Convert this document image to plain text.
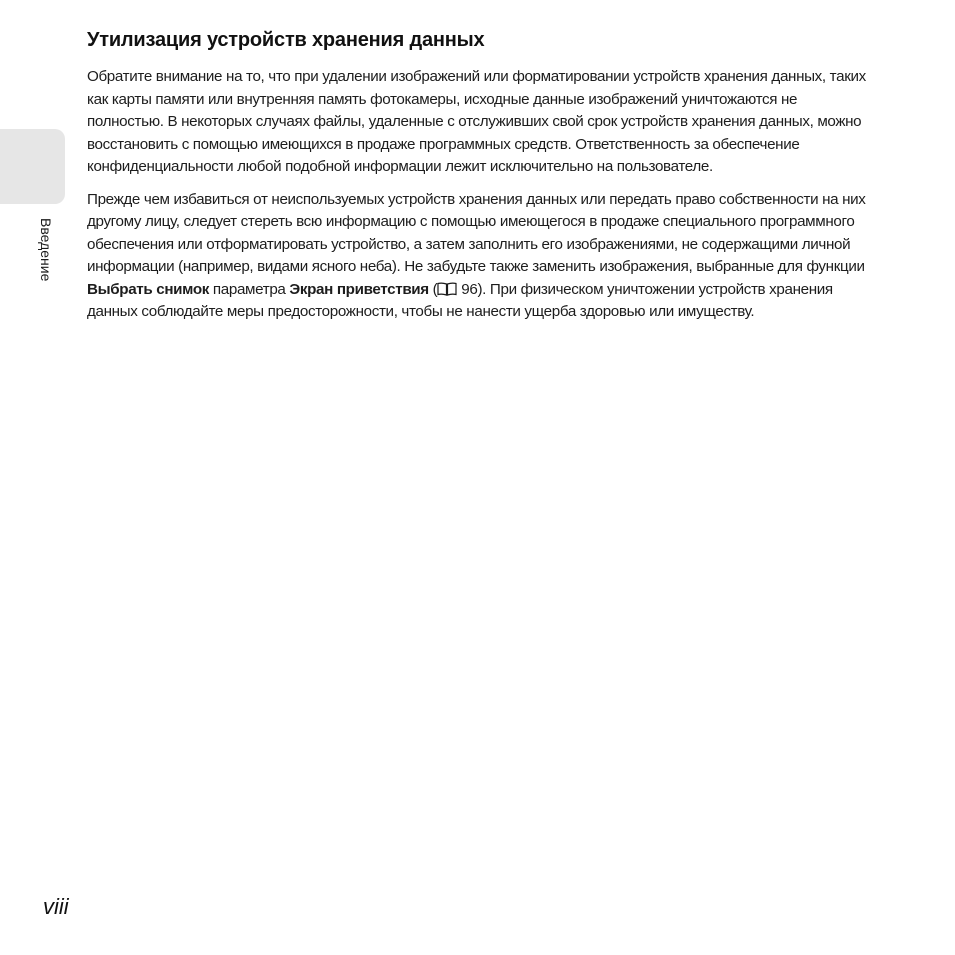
Введение
Утилизация устройств хранения данных

Обратите внимание на то, что при удалении изображений или форматировании устройств хранения данных, таких как карты памяти или внутренняя память фотокамеры, исходные данные изображений уничтожаются не полностью. В некоторых случаях файлы, удаленные с отслуживших свой срок устройств хранения данных, можно восстановить с помощью имеющихся в продаже программных средств. Ответственность за обеспечение конфиденциальности любой подобной информации лежит исключительно на пользователе.

Прежде чем избавиться от неиспользуемых устройств хранения данных или передать право собственности на них другому лицу, следует стереть всю информацию с помощью имеющегося в продаже специального программного обеспечения или отформатировать устройство, а затем заполнить его изображениями, не содержащими личной информации (например, видами ясного неба). Не забудьте также заменить изображения, выбранные для функции Выбрать снимок параметра Экран приветствия ( 96). При физическом уничтожении устройств хранения данных соблюдайте меры предосторожности, чтобы не нанести ущерба здоровью или имуществу.

viii
